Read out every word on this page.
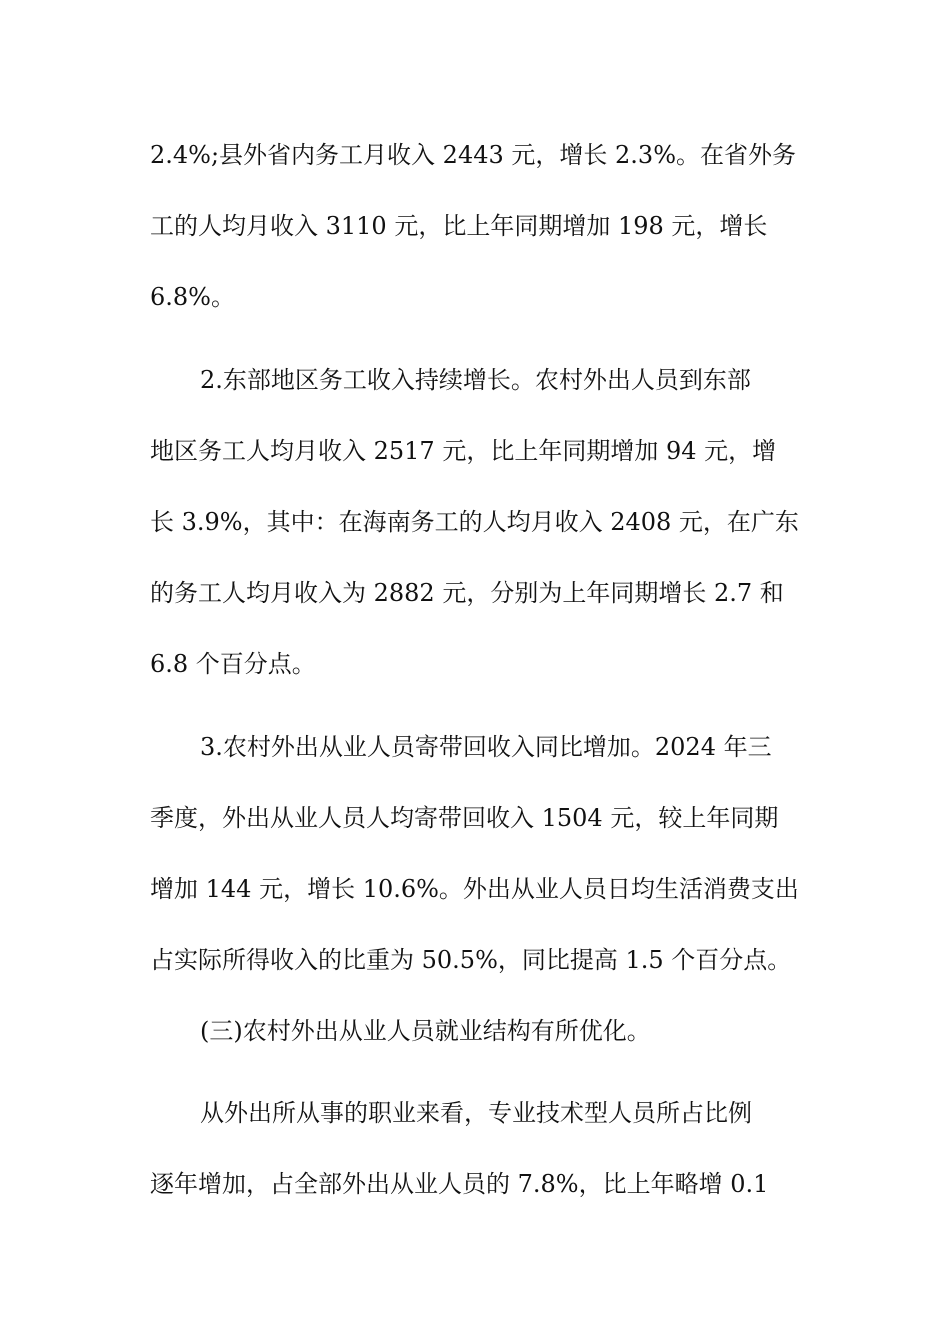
2.4%;县外省内务工月收入 2443 元，增长 2.3%。在省外务
工的人均月收入 3110 元，比上年同期增加 198 元，增长
6.8%。
2.东部地区务工收入持续增长。农村外出人员到东部
地区务工人均月收入 2517 元，比上年同期增加 94 元，增
长 3.9%，其中：在海南务工的人均月收入 2408 元，在广东
的务工人均月收入为 2882 元，分别为上年同期增长 2.7 和
6.8 个百分点。
3.农村外出从业人员寄带回收入同比增加。2024 年三
季度，外出从业人员人均寄带回收入 1504 元，较上年同期
增加 144 元，增长 10.6%。外出从业人员日均生活消费支出
占实际所得收入的比重为 50.5%，同比提高 1.5 个百分点。
(三)农村外出从业人员就业结构有所优化。
从外出所从事的职业来看，专业技术型人员所占比例
逐年增加，占全部外出从业人员的 7.8%，比上年略增 0.1
